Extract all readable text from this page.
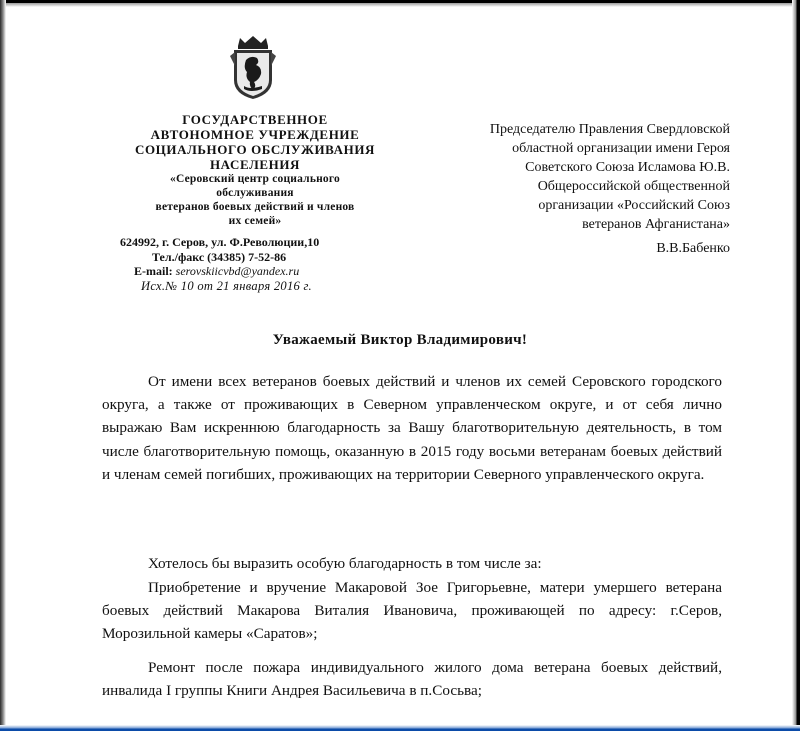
ГОСУДАРСТВЕННОЕ
АВТОНОМНОЕ УЧРЕЖДЕНИЕ
СОЦИАЛЬНОГО ОБСЛУЖИВАНИЯ
НАСЕЛЕНИЯ
«Серовский центр социального
обслуживания
ветеранов боевых действий и членов
их семей»
624992, г. Серов, ул. Ф.Революции,10
Тел./факс (34385) 7-52-86
E-mail: serovskiicvbd@yandex.ru
Исх.№ 10 от 21 января 2016 г.
Председателю Правления Свердловской
областной организации имени Героя
Советского Союза Исламова Ю.В.
Общероссийской общественной
организации «Российский Союз
ветеранов Афганистана»
В.В.Бабенко
Уважаемый Виктор Владимирович!
От имени всех ветеранов боевых действий и членов их семей Серовского городского округа, а также от проживающих в Северном управленческом округе, и от себя лично выражаю Вам искреннюю благодарность за Вашу благотворительную деятельность, в том числе благотворительную помощь, оказанную в 2015 году восьми ветеранам боевых действий и членам семей погибших, проживающих на территории Северного управленческого округа.
Хотелось бы выразить особую благодарность в том числе за:
Приобретение и вручение Макаровой Зое Григорьевне, матери умершего ветерана боевых действий Макарова Виталия Ивановича, проживающей по адресу: г.Серов, Морозильной камеры «Саратов»;
Ремонт после пожара индивидуального жилого дома ветерана боевых действий, инвалида I группы Книги Андрея Васильевича в п.Сосьва;
